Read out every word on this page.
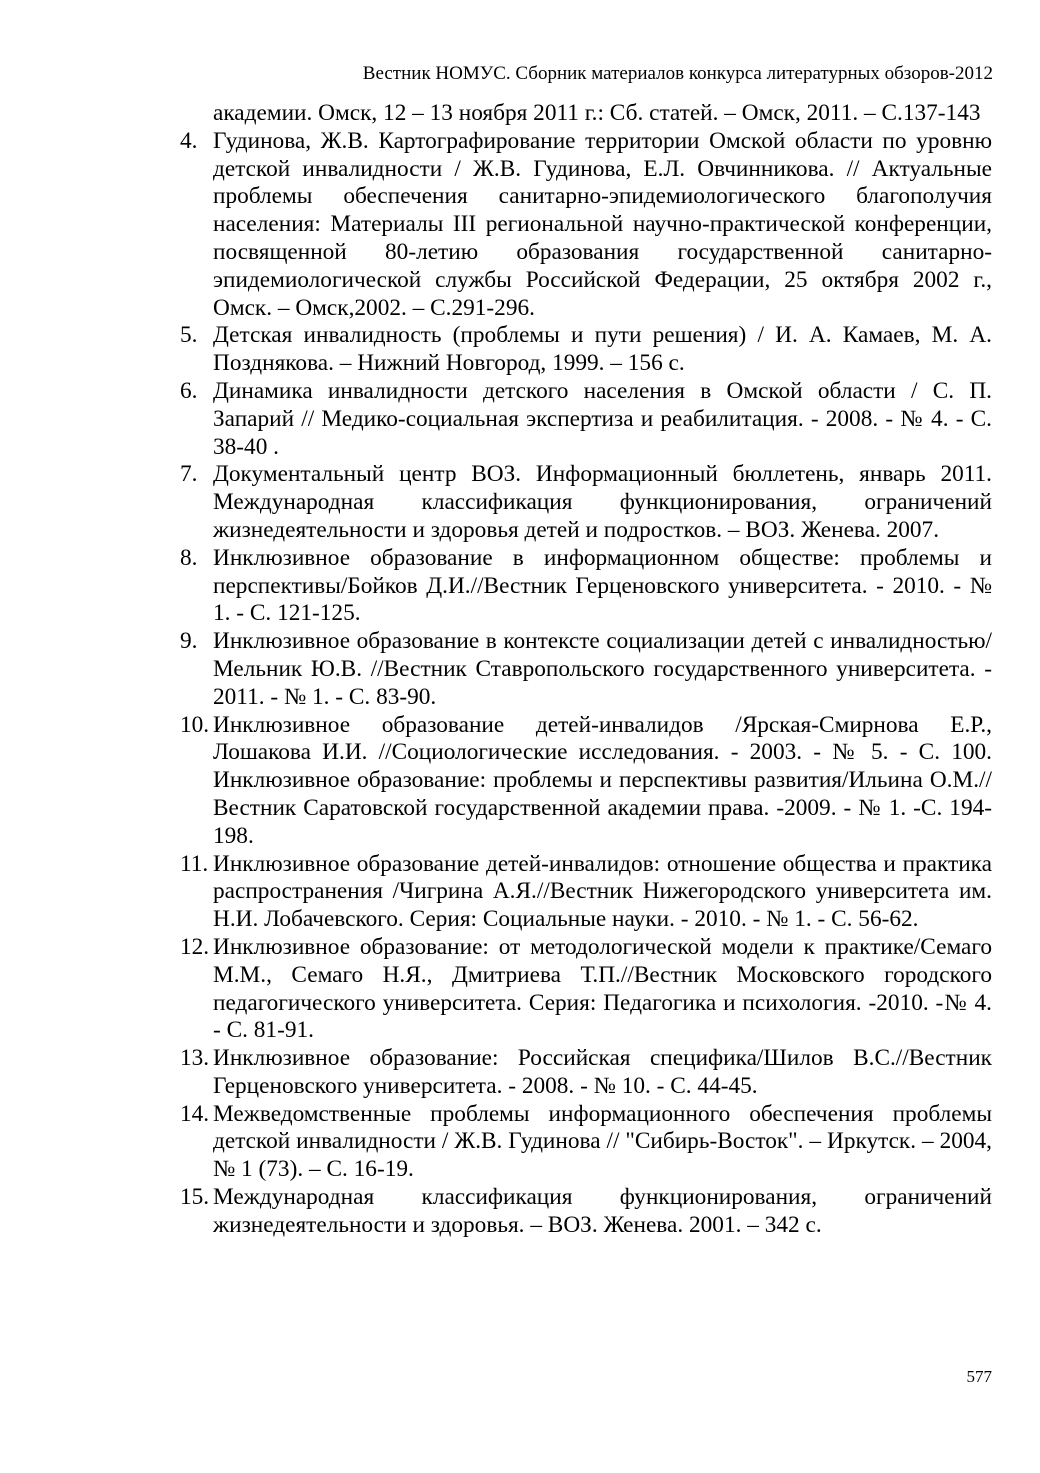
Вестник НОМУС. Сборник материалов конкурса литературных обзоров-2012
академии. Омск, 12 – 13 ноября 2011 г.: Сб. статей. – Омск, 2011. – С.137-143
4. Гудинова, Ж.В. Картографирование территории Омской области по уровню детской инвалидности / Ж.В. Гудинова, Е.Л. Овчинникова. // Актуальные проблемы обеспечения санитарно-эпидемиологического благополучия населения: Материалы III региональной научно-практической конференции, посвященной 80-летию образования государственной санитарно-эпидемиологической службы Российской Федерации, 25 октября 2002 г., Омск. – Омск,2002. – С.291-296.
5. Детская инвалидность (проблемы и пути решения) / И. А. Камаев, М. А. Позднякова. – Нижний Новгород, 1999. – 156 с.
6. Динамика инвалидности детского населения в Омской области / С. П. Запарий // Медико-социальная экспертиза и реабилитация. - 2008. - № 4. - С. 38-40 .
7. Документальный центр ВОЗ. Информационный бюллетень, январь 2011. Международная классификация функционирования, ограничений жизнедеятельности и здоровья детей и подростков. – ВОЗ. Женева. 2007.
8. Инклюзивное образование в информационном обществе: проблемы и перспективы/Бойков Д.И.//Вестник Герценовского университета. - 2010. - № 1. - С. 121-125.
9. Инклюзивное образование в контексте социализации детей с инвалидностью/Мельник Ю.В. //Вестник Ставропольского государственного университета. - 2011. - № 1. - С. 83-90.
10. Инклюзивное образование детей-инвалидов /Ярская-Смирнова Е.Р., Лошакова И.И. //Социологические исследования. - 2003. - № 5. - С. 100. Инклюзивное образование: проблемы и перспективы развития/Ильина О.М.//Вестник Саратовской государственной академии права. -2009. - № 1. -С. 194-198.
11. Инклюзивное образование детей-инвалидов: отношение общества и практика распространения /Чигрина А.Я.//Вестник Нижегородского университета им. Н.И. Лобачевского. Серия: Социальные науки. - 2010. - № 1. - С. 56-62.
12. Инклюзивное образование: от методологической модели к практике/Семаго М.М., Семаго Н.Я., Дмитриева Т.П.//Вестник Московского городского педагогического университета. Серия: Педагогика и психология. -2010. -№ 4. - С. 81-91.
13. Инклюзивное образование: Российская специфика/Шилов В.С.//Вестник Герценовского университета. - 2008. - № 10. - С. 44-45.
14. Межведомственные проблемы информационного обеспечения проблемы детской инвалидности / Ж.В. Гудинова // "Сибирь-Восток". – Иркутск. – 2004, № 1 (73). – С. 16-19.
15. Международная классификация функционирования, ограничений жизнедеятельности и здоровья. – ВОЗ. Женева. 2001. – 342 с.
577
